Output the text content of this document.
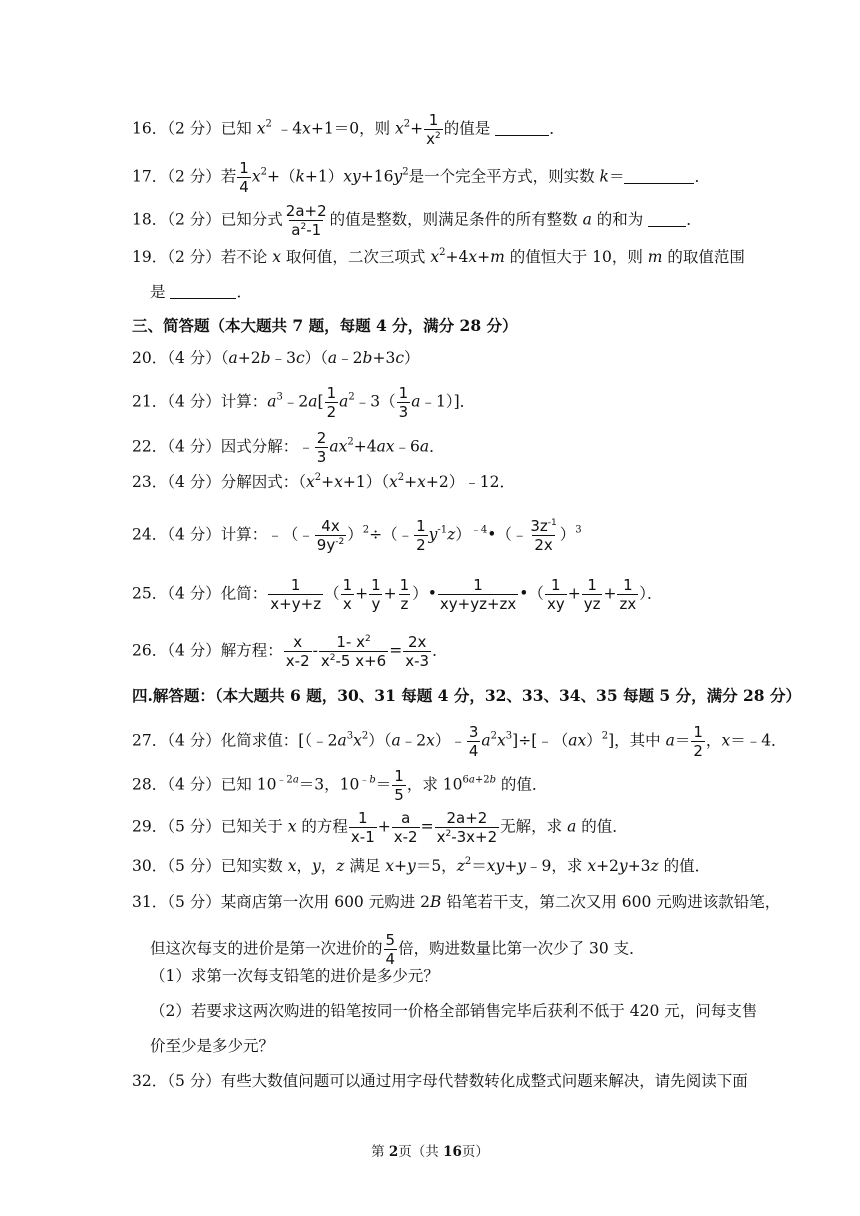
16．（2 分）已知 $x^2$ ﹣4x+1＝0，则 $x^2+ \frac{1}{x^2}$ 的值是	．
17．（2 分）若 $\frac{1}{4} x^2+(k+1)xy+16y^2$是一个完全平方式，则实数 k＝	．
18．（2 分）已知分式 $\frac{2a+2}{a^2-1}$ 的值是整数，则满足条件的所有整数 a 的和为 ．
19．（2 分）若不论 x 取何值，二次三项式 $x^2+4x+m$ 的值恒大于 10，则 m 的取值范围
是	．
三、简答题（本大题共 7 题，每题 4 分，满分 28 分）
20．（4 分）（a+2b﹣3c）（a﹣2b+3c）
21．（4 分）计算：$a^3﹣2a[ \frac{1}{2}$ $a^2﹣3( \frac{1}{3}$ a﹣1）]．
22．（4 分）因式分解：﹣ $\frac{2}{3}$ $ax^2+4ax﹣6a$．
23．（4 分）分解因式：$(x^2+x+1)(x^2+x+2)﹣12$．
24．（4 分）计算：﹣（﹣ $\frac{4x}{9y^{-2}}$ ）$^2$÷（﹣ $\frac{1}{2}$ $y^{-1}z)^{﹣4}•(﹣ \frac{3z^{-1}}{2x} )^3$
25．（4 分）化简： $\frac{1}{x+y+z}$ （ $\frac{1}{x} + \frac{1}{y} + \frac{1}{z}$ ）• $\frac{1}{xy+yz+zx}$ •（ $\frac{1}{xy} + \frac{1}{yz} + \frac{1}{zx}$ ）．
26．（4 分）解方程： $\frac{x}{x-2} - \frac{1- x^2}{x^2-5 x+6} = \frac{2x}{x-3}$ ．
四.解答题：（本大题共 6 题，30、31 每题 4 分，32、33、34、35 每题 5 分，满分 28 分）
27．（4 分）化简求值：[$(﹣2a^3x^2)(a﹣2x)﹣ \frac{3}{4}$ $a^2x^3]\div[﹣(ax)^2]$，其中 $a= \frac{1}{2}$ ，x＝﹣4．
28．（4 分）已知 $10^{﹣2a}=3$，$10^{﹣b}= \frac{1}{5}$ ，求 $10^{6a+2b}$ 的值．
29．（5 分）已知关于 x 的方程 $\frac{1}{x-1} + \frac{a}{x-2} = \frac{2a+2}{x^2-3x+2}$ 无解，求 a 的值．
30．（5 分）已知实数 x，y，z 满足 x+y＝5，$z^2=xy+y﹣9$，求 x+2y+3z 的值．
31．（5 分）某商店第一次用 600 元购进 2B 铅笔若干支，第二次又用 600 元购进该款铅笔，
但这次每支的进价是第一次进价的 $\frac{5}{4}$ 倍，购进数量比第一次少了 30 支．
（1）求第一次每支铅笔的进价是多少元？
（2）若要求这两次购进的铅笔按同一价格全部销售完毕后获利不低于 420 元，问每支售
价至少是多少元？
32．（5 分）有些大数值问题可以通过用字母代替数转化成整式问题来解决，请先阅读下面
第 2页（共 16页）
